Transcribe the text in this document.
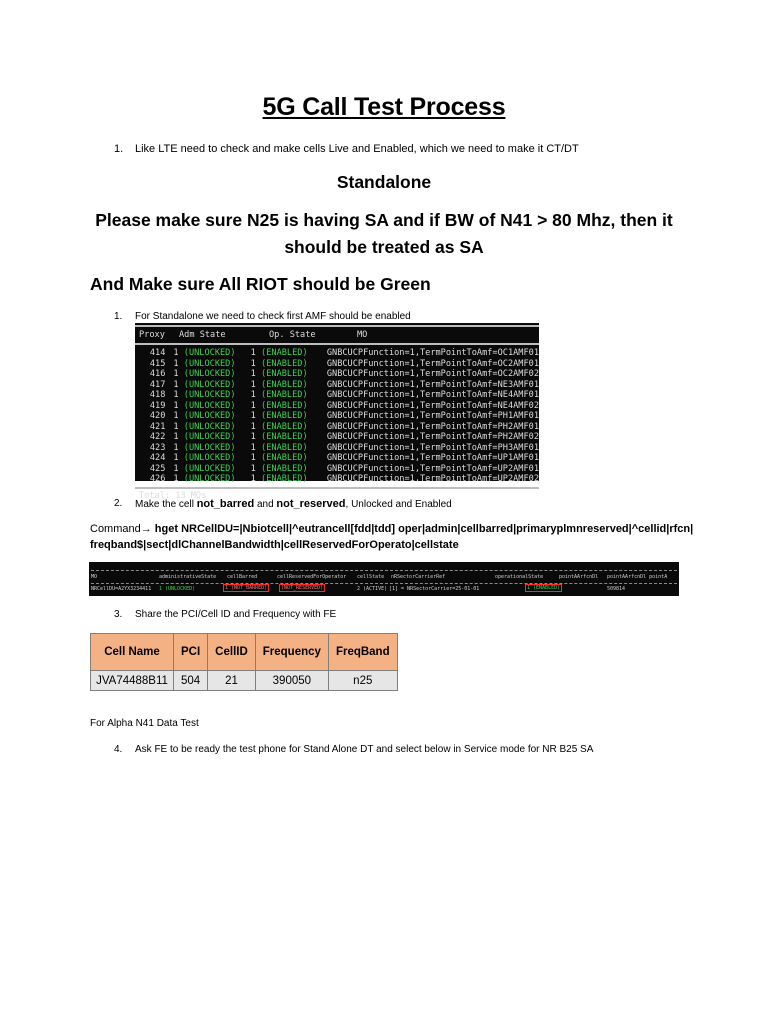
5G Call Test Process
1. Like LTE need to check and make cells Live and Enabled, which we need to make it CT/DT
Standalone
Please make sure N25 is having SA and if BW of N41 > 80 Mhz, then it
should be treated as SA
And Make sure All RIOT should be Green
1. For Standalone we need to check first AMF should be enabled
Proxy	Adm State	Op. State	MO
414 1 (UNLOCKED)	1 (ENABLED)	GNBCUCPFunction=1,TermPointToAmf=OC1AMF01
415 1 (UNLOCKED)	1 (ENABLED)	GNBCUCPFunction=1,TermPointToAmf=OC2AMF01
416 1 (UNLOCKED)	1 (ENABLED)	GNBCUCPFunction=1,TermPointToAmf=OC2AMF02
417 1 (UNLOCKED)	1 (ENABLED)	GNBCUCPFunction=1,TermPointToAmf=NE3AMF01
418 1 (UNLOCKED)	1 (ENABLED)	GNBCUCPFunction=1,TermPointToAmf=NE4AMF01
419 1 (UNLOCKED)	1 (ENABLED)	GNBCUCPFunction=1,TermPointToAmf=NE4AMF02
420 1 (UNLOCKED)	1 (ENABLED)	GNBCUCPFunction=1,TermPointToAmf=PH1AMF01
421 1 (UNLOCKED)	1 (ENABLED)	GNBCUCPFunction=1,TermPointToAmf=PH2AMF01
422 1 (UNLOCKED)	1 (ENABLED)	GNBCUCPFunction=1,TermPointToAmf=PH2AMF02
423 1 (UNLOCKED)	1 (ENABLED)	GNBCUCPFunction=1,TermPointToAmf=PH3AMF01
424 1 (UNLOCKED)	1 (ENABLED)	GNBCUCPFunction=1,TermPointToAmf=UP1AMF01
425 1 (UNLOCKED)	1 (ENABLED)	GNBCUCPFunction=1,TermPointToAmf=UP2AMF01
426 1 (UNLOCKED)	1 (ENABLED)	GNBCUCPFunction=1,TermPointToAmf=UP2AMF02
Total: 13 MOs
2. Make the cell not_barred and not_reserved, Unlocked and Enabled
Command→ hget NRCellDU=|Nbiotcell|^eutrancell[fdd|tdd] oper|admin|cellbarred|primaryplmnreserved|^cellid|rfcn|
freqband$|sect|dlChannelBandwidth|cellReservedForOperato|cellstate
MO	administrativeState cellBarred	cellReservedForOperator cellState nRSectorCarrierRef	operationalState	pointAArfcnDl pointAArfcnDl pointA
NRCellDU=A2YX3234411 1 (UNLOCKED)	1 (NOT_BARRED)	(NOT_RESERVED)	2 (ACTIVE) [1] = NRSectorCarrier=25-01-01	1 (ENABLED)	509814
3. Share the PCI/Cell ID and Frequency with FE
Cell Name	PCI	CellID	Frequency	FreqBand
JVA74488B11	504	21	390050	n25
For Alpha N41 Data Test
4. Ask FE to be ready the test phone for Stand Alone DT and select below in Service mode for NR B25 SA
